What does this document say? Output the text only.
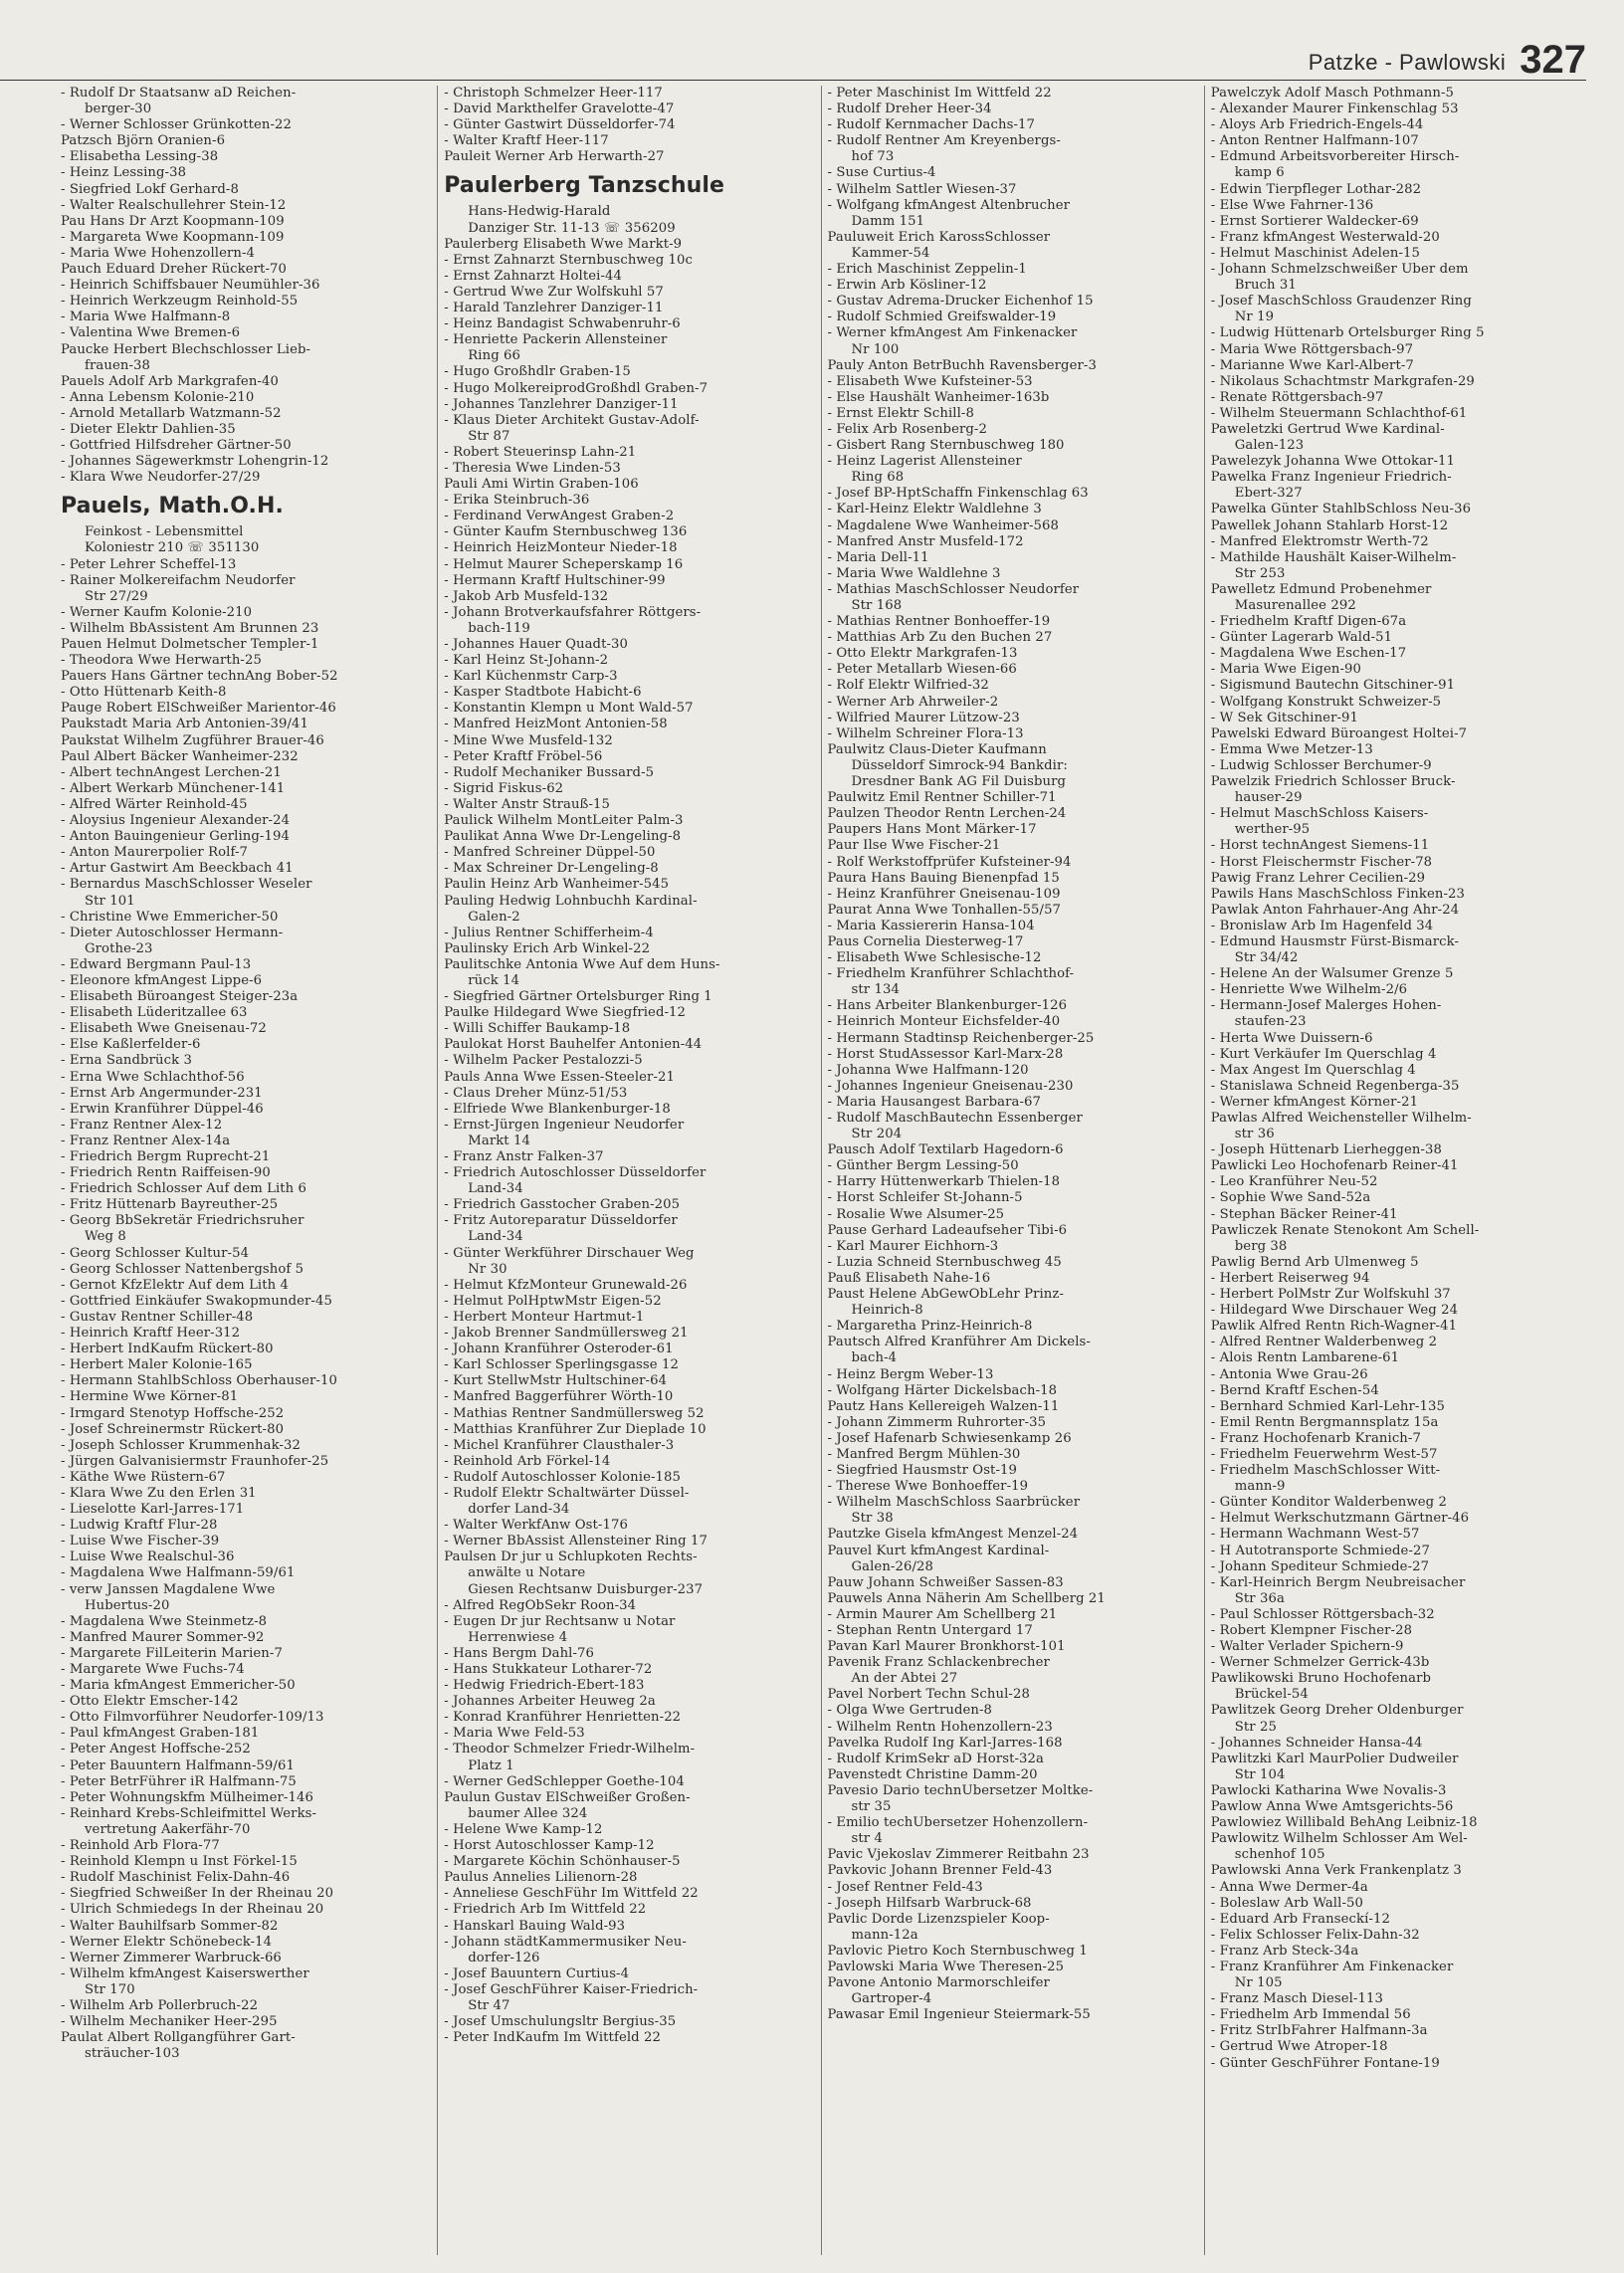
Patzke - Pawlowski 327
- Rudolf Dr Staatsanw aD Reichen-
berger-30
- Werner Schlosser Grünkotten-22
Patzsch Björn Oranien-6
- Elisabetha Lessing-38
- Heinz Lessing-38
- Siegfried Lokf Gerhard-8
- Walter Realschullehrer Stein-12
Pau Hans Dr Arzt Koopmann-109
- Margareta Wwe Koopmann-109
- Maria Wwe Hohenzollern-4
Pauch Eduard Dreher Rückert-70
- Heinrich Schiffsbauer Neumühler-36
- Heinrich Werkzeugm Reinhold-55
- Maria Wwe Halfmann-8
- Valentina Wwe Bremen-6
Paucke Herbert Blechschlosser Lieb-
frauen-38
Pauels Adolf Arb Markgrafen-40
- Anna Lebensm Kolonie-210
- Arnold Metallarb Watzmann-52
- Dieter Elektr Dahlien-35
- Gottfried Hilfsdreher Gärtner-50
- Johannes Sägewerkmstr Lohengrin-12
- Klara Wwe Neudorfer-27/29
Pauels, Math.O.H.
Feinkost - Lebensmittel
Koloniestr 210 ☏ 351130
- Peter Lehrer Scheffel-13
- Rainer Molkereifachm Neudorfer
Str 27/29
- Werner Kaufm Kolonie-210
- Wilhelm BbAssistent Am Brunnen 23
Pauen Helmut Dolmetscher Templer-1
- Theodora Wwe Herwarth-25
Pauers Hans Gärtner technAng Bober-52
- Otto Hüttenarb Keith-8
Pauge Robert ElSchweißer Marientor-46
Paukstadt Maria Arb Antonien-39/41
Paukstat Wilhelm Zugführer Brauer-46
Paul Albert Bäcker Wanheimer-232
- Albert technAngest Lerchen-21
- Albert Werkarb Münchener-141
- Alfred Wärter Reinhold-45
- Aloysius Ingenieur Alexander-24
- Anton Bauingenieur Gerling-194
- Anton Maurerpolier Rolf-7
- Artur Gastwirt Am Beeckbach 41
- Bernardus MaschSchlosser Weseler
Str 101
- Christine Wwe Emmericher-50
- Dieter Autoschlosser Hermann-
Grothe-23
- Edward Bergmann Paul-13
- Eleonore kfmAngest Lippe-6
- Elisabeth Büroangest Steiger-23a
- Elisabeth Lüderitzallee 63
- Elisabeth Wwe Gneisenau-72
- Else Kaßlerfelder-6
- Erna Sandbrück 3
- Erna Wwe Schlachthof-56
- Ernst Arb Angermunder-231
- Erwin Kranführer Düppel-46
- Franz Rentner Alex-12
- Franz Rentner Alex-14a
- Friedrich Bergm Ruprecht-21
- Friedrich Rentn Raiffeisen-90
- Friedrich Schlosser Auf dem Lith 6
- Fritz Hüttenarb Bayreuther-25
- Georg BbSekretär Friedrichsruher
Weg 8
- Georg Schlosser Kultur-54
- Georg Schlosser Nattenbergshof 5
- Gernot KfzElektr Auf dem Lith 4
- Gottfried Einkäufer Swakopmunder-45
- Gustav Rentner Schiller-48
- Heinrich Kraftf Heer-312
- Herbert IndKaufm Rückert-80
- Herbert Maler Kolonie-165
- Hermann StahlbSchloss Oberhauser-10
- Hermine Wwe Körner-81
- Irmgard Stenotyp Hoffsche-252
- Josef Schreinermstr Rückert-80
- Joseph Schlosser Krummenhak-32
- Jürgen Galvanisiermstr Fraunhofer-25
- Käthe Wwe Rüstern-67
- Klara Wwe Zu den Erlen 31
- Lieselotte Karl-Jarres-171
- Ludwig Kraftf Flur-28
- Luise Wwe Fischer-39
- Luise Wwe Realschul-36
- Magdalena Wwe Halfmann-59/61
- verw Janssen Magdalene Wwe
Hubertus-20
- Magdalena Wwe Steinmetz-8
- Manfred Maurer Sommer-92
- Margarete FilLeiterin Marien-7
- Margarete Wwe Fuchs-74
- Maria kfmAngest Emmericher-50
- Otto Elektr Emscher-142
- Otto Filmvorführer Neudorfer-109/13
- Paul kfmAngest Graben-181
- Peter Angest Hoffsche-252
- Peter Bauuntern Halfmann-59/61
- Peter BetrFührer iR Halfmann-75
- Peter Wohnungskfm Mülheimer-146
- Reinhard Krebs-Schleifmittel Werks-
vertretung Aakerfähr-70
- Reinhold Arb Flora-77
- Reinhold Klempn u Inst Förkel-15
- Rudolf Maschinist Felix-Dahn-46
- Siegfried Schweißer In der Rheinau 20
- Ulrich Schmiedegs In der Rheinau 20
- Walter Bauhilfsarb Sommer-82
- Werner Elektr Schönebeck-14
- Werner Zimmerer Warbruck-66
- Wilhelm kfmAngest Kaiserswerther
Str 170
- Wilhelm Arb Pollerbruch-22
- Wilhelm Mechaniker Heer-295
Paulat Albert Rollgangführer Gart-
sträucher-103
- Christoph Schmelzer Heer-117
- David Markthelfer Gravelotte-47
- Günter Gastwirt Düsseldorfer-74
- Walter Kraftf Heer-117
Pauleit Werner Arb Herwarth-27
Paulerberg Tanzschule
Hans-Hedwig-Harald
Danziger Str. 11-13 ☏ 356209
Paulerberg Elisabeth Wwe Markt-9
- Ernst Zahnarzt Sternbuschweg 10c
- Ernst Zahnarzt Holtei-44
- Gertrud Wwe Zur Wolfskuhl 57
- Harald Tanzlehrer Danziger-11
- Heinz Bandagist Schwabenruhr-6
- Henriette Packerin Allensteiner
Ring 66
- Hugo Großhdlr Graben-15
- Hugo MolkereiprodGroßhdl Graben-7
- Johannes Tanzlehrer Danziger-11
- Klaus Dieter Architekt Gustav-Adolf-
Str 87
- Robert Steuerinsp Lahn-21
- Theresia Wwe Linden-53
Pauli Ami Wirtin Graben-106
- Erika Steinbruch-36
- Ferdinand VerwAngest Graben-2
- Günter Kaufm Sternbuschweg 136
- Heinrich HeizMonteur Nieder-18
- Helmut Maurer Scheperskamp 16
- Hermann Kraftf Hultschiner-99
- Jakob Arb Musfeld-132
- Johann Brotverkaufsfahrer Röttgers-
bach-119
- Johannes Hauer Quadt-30
- Karl Heinz St-Johann-2
- Karl Küchenmstr Carp-3
- Kasper Stadtbote Habicht-6
- Konstantin Klempn u Mont Wald-57
- Manfred HeizMont Antonien-58
- Mine Wwe Musfeld-132
- Peter Kraftf Fröbel-56
- Rudolf Mechaniker Bussard-5
- Sigrid Fiskus-62
- Walter Anstr Strauß-15
Paulick Wilhelm MontLeiter Palm-3
Paulikat Anna Wwe Dr-Lengeling-8
- Manfred Schreiner Düppel-50
- Max Schreiner Dr-Lengeling-8
Paulin Heinz Arb Wanheimer-545
Pauling Hedwig Lohnbuchh Kardinal-
Galen-2
- Julius Rentner Schifferheim-4
Paulinsky Erich Arb Winkel-22
Paulitschke Antonia Wwe Auf dem Huns-
rück 14
- Siegfried Gärtner Ortelsburger Ring 1
Paulke Hildegard Wwe Siegfried-12
- Willi Schiffer Baukamp-18
Paulokat Horst Bauhelfer Antonien-44
- Wilhelm Packer Pestalozzi-5
Pauls Anna Wwe Essen-Steeler-21
- Claus Dreher Münz-51/53
- Elfriede Wwe Blankenburger-18
- Ernst-Jürgen Ingenieur Neudorfer
Markt 14
- Franz Anstr Falken-37
- Friedrich Autoschlosser Düsseldorfer
Land-34
- Friedrich Gasstocher Graben-205
- Fritz Autoreparatur Düsseldorfer
Land-34
- Günter Werkführer Dirschauer Weg
Nr 30
- Helmut KfzMonteur Grunewald-26
- Helmut PolHptwMstr Eigen-52
- Herbert Monteur Hartmut-1
- Jakob Brenner Sandmüllersweg 21
- Johann Kranführer Osteroder-61
- Karl Schlosser Sperlingsgasse 12
- Kurt StellwMstr Hultschiner-64
- Manfred Baggerführer Wörth-10
- Mathias Rentner Sandmüllersweg 52
- Matthias Kranführer Zur Dieplade 10
- Michel Kranführer Clausthaler-3
- Reinhold Arb Förkel-14
- Rudolf Autoschlosser Kolonie-185
- Rudolf Elektr Schaltwärter Düssel-
dorfer Land-34
- Walter WerkfAnw Ost-176
- Werner BbAssist Allensteiner Ring 17
Paulsen Dr jur u Schlupkoten Rechts-
anwälte u Notare
Giesen Rechtsanw Duisburger-237
- Alfred RegObSekr Roon-34
- Eugen Dr jur Rechtsanw u Notar
Herrenwiese 4
- Hans Bergm Dahl-76
- Hans Stukkateur Lotharer-72
- Hedwig Friedrich-Ebert-183
- Johannes Arbeiter Heuweg 2a
- Konrad Kranführer Henrietten-22
- Maria Wwe Feld-53
- Theodor Schmelzer Friedr-Wilhelm-
Platz 1
- Werner GedSchlepper Goethe-104
Paulun Gustav ElSchweißer Großen-
baumer Allee 324
- Helene Wwe Kamp-12
- Horst Autoschlosser Kamp-12
- Margarete Köchin Schönhauser-5
Paulus Annelies Lilienorn-28
- Anneliese GeschFühr Im Wittfeld 22
- Friedrich Arb Im Wittfeld 22
- Hanskarl Bauing Wald-93
- Johann städtKammermusiker Neu-
dorfer-126
- Josef Bauuntern Curtius-4
- Josef GeschFührer Kaiser-Friedrich-
Str 47
- Josef Umschulungsltr Bergius-35
- Peter IndKaufm Im Wittfeld 22
- Peter Maschinist Im Wittfeld 22
- Rudolf Dreher Heer-34
- Rudolf Kernmacher Dachs-17
- Rudolf Rentner Am Kreyenbergs-
hof 73
- Suse Curtius-4
- Wilhelm Sattler Wiesen-37
- Wolfgang kfmAngest Altenbrucher
Damm 151
Pauluweit Erich KarossSchlosser
Kammer-54
- Erich Maschinist Zeppelin-1
- Erwin Arb Kösliner-12
- Gustav Adrema-Drucker Eichenhof 15
- Rudolf Schmied Greifswalder-19
- Werner kfmAngest Am Finkenacker
Nr 100
Pauly Anton BetrBuchh Ravensberger-3
- Elisabeth Wwe Kufsteiner-53
- Else Haushält Wanheimer-163b
- Ernst Elektr Schill-8
- Felix Arb Rosenberg-2
- Gisbert Rang Sternbuschweg 180
- Heinz Lagerist Allensteiner
Ring 68
- Josef BP-HptSchaffn Finkenschlag 63
- Karl-Heinz Elektr Waldlehne 3
- Magdalene Wwe Wanheimer-568
- Manfred Anstr Musfeld-172
- Maria Dell-11
- Maria Wwe Waldlehne 3
- Mathias MaschSchlosser Neudorfer
Str 168
- Mathias Rentner Bonhoeffer-19
- Matthias Arb Zu den Buchen 27
- Otto Elektr Markgrafen-13
- Peter Metallarb Wiesen-66
- Rolf Elektr Wilfried-32
- Werner Arb Ahrweiler-2
- Wilfried Maurer Lützow-23
- Wilhelm Schreiner Flora-13
Paulwitz Claus-Dieter Kaufmann
Düsseldorf Simrock-94 Bankdir:
Dresdner Bank AG Fil Duisburg
Paulwitz Emil Rentner Schiller-71
Paulzen Theodor Rentn Lerchen-24
Paupers Hans Mont Märker-17
Paur Ilse Wwe Fischer-21
- Rolf Werkstoffprüfer Kufsteiner-94
Paura Hans Bauing Bienenpfad 15
- Heinz Kranführer Gneisenau-109
Paurat Anna Wwe Tonhallen-55/57
- Maria Kassiererin Hansa-104
Paus Cornelia Diesterweg-17
- Elisabeth Wwe Schlesische-12
- Friedhelm Kranführer Schlachthof-
str 134
- Hans Arbeiter Blankenburger-126
- Heinrich Monteur Eichsfelder-40
- Hermann Stadtinsp Reichenberger-25
- Horst StudAssessor Karl-Marx-28
- Johanna Wwe Halfmann-120
- Johannes Ingenieur Gneisenau-230
- Maria Hausangest Barbara-67
- Rudolf MaschBautechn Essenberger
Str 204
Pausch Adolf Textilarb Hagedorn-6
- Günther Bergm Lessing-50
- Harry Hüttenwerkarb Thielen-18
- Horst Schleifer St-Johann-5
- Rosalie Wwe Alsumer-25
Pause Gerhard Ladeaufseher Tibi-6
- Karl Maurer Eichhorn-3
- Luzia Schneid Sternbuschweg 45
Pauß Elisabeth Nahe-16
Paust Helene AbGewObLehr Prinz-
Heinrich-8
- Margaretha Prinz-Heinrich-8
Pautsch Alfred Kranführer Am Dickels-
bach-4
- Heinz Bergm Weber-13
- Wolfgang Härter Dickelsbach-18
Pautz Hans Kellereigeh Walzen-11
- Johann Zimmerm Ruhrorter-35
- Josef Hafenarb Schwiesenkamp 26
- Manfred Bergm Mühlen-30
- Siegfried Hausmstr Ost-19
- Therese Wwe Bonhoeffer-19
- Wilhelm MaschSchloss Saarbrücker
Str 38
Pautzke Gisela kfmAngest Menzel-24
Pauvel Kurt kfmAngest Kardinal-
Galen-26/28
Pauw Johann Schweißer Sassen-83
Pauwels Anna Näherin Am Schellberg 21
- Armin Maurer Am Schellberg 21
- Stephan Rentn Untergard 17
Pavan Karl Maurer Bronkhorst-101
Pavenik Franz Schlackenbrecher
An der Abtei 27
Pavel Norbert Techn Schul-28
- Olga Wwe Gertruden-8
- Wilhelm Rentn Hohenzollern-23
Pavelka Rudolf Ing Karl-Jarres-168
- Rudolf KrimSekr aD Horst-32a
Pavenstedt Christine Damm-20
Pavesio Dario technÜbersetzer Moltke-
str 35
- Emilio techÜbersetzer Hohenzollern-
str 4
Pavic Vjekoslav Zimmerer Reitbahn 23
Pavkovic Johann Brenner Feld-43
- Josef Rentner Feld-43
- Joseph Hilfsarb Warbruck-68
Pavlic Dorde Lizenzspieler Koop-
mann-12a
Pavlovic Pietro Koch Sternbuschweg 1
Pavlowski Maria Wwe Theresen-25
Pavone Antonio Marmorschleifer
Gartroper-4
Pawasar Emil Ingenieur Steiermark-55
Pawelczyk Adolf Masch Pothmann-5
- Alexander Maurer Finkenschlag 53
- Aloys Arb Friedrich-Engels-44
- Anton Rentner Halfmann-107
- Edmund Arbeitsvorbereiter Hirsch-
kamp 6
- Edwin Tierpfleger Lothar-282
- Else Wwe Fahrner-136
- Ernst Sortierer Waldecker-69
- Franz kfmAngest Westerwald-20
- Helmut Maschinist Adelen-15
- Johann Schmelzschweißer Über dem
Bruch 31
- Josef MaschSchloss Graudenzer Ring
Nr 19
- Ludwig Hüttenarb Ortelsburger Ring 5
- Maria Wwe Röttgersbach-97
- Marianne Wwe Karl-Albert-7
- Nikolaus Schachtmstr Markgrafen-29
- Renate Röttgersbach-97
- Wilhelm Steuermann Schlachthof-61
Paweletzki Gertrud Wwe Kardinal-
Galen-123
Pawelezyk Johanna Wwe Ottokar-11
Pawelka Franz Ingenieur Friedrich-
Ebert-327
Pawelka Günter StahlbSchloss Neu-36
Pawellek Johann Stahlarb Horst-12
- Manfred Elektromstr Werth-72
- Mathilde Haushält Kaiser-Wilhelm-
Str 253
Pawelletz Edmund Probenehmer
Masurenallee 292
- Friedhelm Kraftf Digen-67a
- Günter Lagerarb Wald-51
- Magdalena Wwe Eschen-17
- Maria Wwe Eigen-90
- Sigismund Bautechn Gitschiner-91
- Wolfgang Konstrukt Schweizer-5
- W Sek Gitschiner-91
Pawelski Edward Büroangest Holtei-7
- Emma Wwe Metzer-13
- Ludwig Schlosser Berchumer-9
Pawelzik Friedrich Schlosser Bruck-
hauser-29
- Helmut MaschSchloss Kaisers-
werther-95
- Horst technAngest Siemens-11
- Horst Fleischermstr Fischer-78
Pawig Franz Lehrer Cecilien-29
Pawils Hans MaschSchloss Finken-23
Pawlak Anton Fahrhauer-Ang Ahr-24
- Bronislaw Arb Im Hagenfeld 34
- Edmund Hausmstr Fürst-Bismarck-
Str 34/42
- Helene An der Walsumer Grenze 5
- Henriette Wwe Wilhelm-2/6
- Hermann-Josef Malerges Hohen-
staufen-23
- Herta Wwe Duissern-6
- Kurt Verkäufer Im Querschlag 4
- Max Angest Im Querschlag 4
- Stanislawa Schneid Regenberga-35
- Werner kfmAngest Körner-21
Pawlas Alfred Weichensteller Wilhelm-
str 36
- Joseph Hüttenarb Lierheggen-38
Pawlicki Leo Hochofenarb Reiner-41
- Leo Kranführer Neu-52
- Sophie Wwe Sand-52a
- Stephan Bäcker Reiner-41
Pawliczek Renate Stenokont Am Schell-
berg 38
Pawlig Bernd Arb Ulmenweg 5
- Herbert Reiserweg 94
- Herbert PolMstr Zur Wolfskuhl 37
- Hildegard Wwe Dirschauer Weg 24
Pawlik Alfred Rentn Rich-Wagner-41
- Alfred Rentner Walderbenweg 2
- Alois Rentn Lambarene-61
- Antonia Wwe Grau-26
- Bernd Kraftf Eschen-54
- Bernhard Schmied Karl-Lehr-135
- Emil Rentn Bergmannsplatz 15a
- Franz Hochofenarb Kranich-7
- Friedhelm Feuerwehrm West-57
- Friedhelm MaschSchlosser Witt-
mann-9
- Günter Konditor Walderbenweg 2
- Helmut Werkschutzmann Gärtner-46
- Hermann Wachmann West-57
- H Autotransporte Schmiede-27
- Johann Spediteur Schmiede-27
- Karl-Heinrich Bergm Neubreisacher
Str 36a
- Paul Schlosser Röttgersbach-32
- Robert Klempner Fischer-28
- Walter Verlader Spichern-9
- Werner Schmelzer Gerrick-43b
Pawlikowski Bruno Hochofenarb
Brückel-54
Pawlitzek Georg Dreher Oldenburger
Str 25
- Johannes Schneider Hansa-44
Pawlitzki Karl MaurPolier Dudweiler
Str 104
Pawlocki Katharina Wwe Novalis-3
Pawlow Anna Wwe Amtsgerichts-56
Pawlowiez Willibald BehAng Leibniz-18
Pawlowitz Wilhelm Schlosser Am Wel-
schenhof 105
Pawlowski Anna Verk Frankenplatz 3
- Anna Wwe Dermer-4a
- Boleslaw Arb Wall-50
- Eduard Arb Franseckí-12
- Felix Schlosser Felix-Dahn-32
- Franz Arb Steck-34a
- Franz Kranführer Am Finkenacker
Nr 105
- Franz Masch Diesel-113
- Friedhelm Arb Immendal 56
- Fritz StrIbFahrer Halfmann-3a
- Gertrud Wwe Atroper-18
- Günter GeschFührer Fontane-19
